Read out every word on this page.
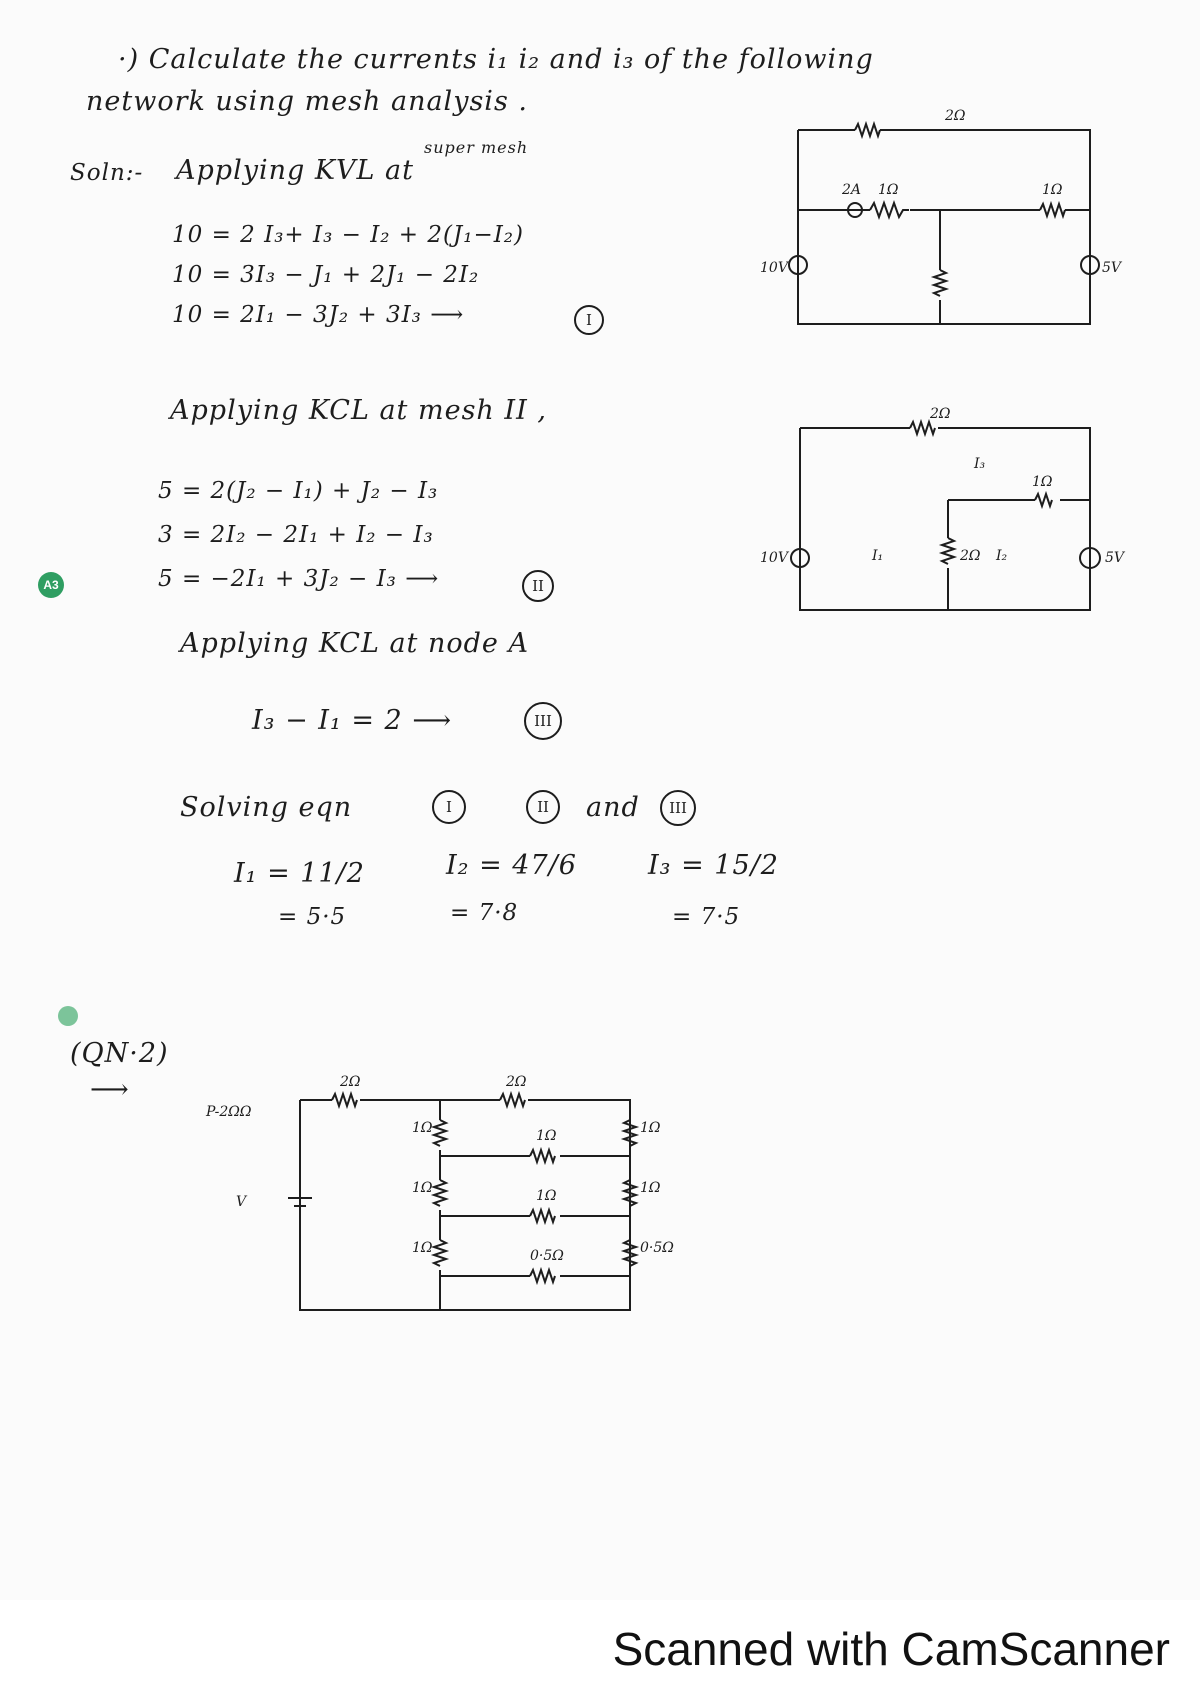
·) Calculate the currents i₁ i₂ and i₃ of the following
network using mesh analysis .
Soln:- Applying KVL at
super mesh
10 = 2 I₃+ I₃ − I₂ + 2(J₁−I₂)
10 = 3I₃ − J₁ + 2J₁ − 2I₂
10 = 2I₁ − 3J₂ + 3I₃ ⟶	I
Applying KCL at mesh II ,
5 = 2(J₂ − I₁) + J₂ − I₃
3 = 2I₂ − 2I₁ + I₂ − I₃
5 = −2I₁ + 3J₂ − I₃ ⟶	II
Applying KCL at node A
I₃ − I₁ = 2 ⟶	III
Solving eqn	I	II	and	III
I₁ = 11/2
= 5·5
I₂ = 47/6
= 7·8
I₃ = 15/2
= 7·5
2Ω
2A 1Ω	1Ω
10V	5V
2Ω
I₃
1Ω
I₁	2Ω I₂
10V	5V
(QN·2)
⟶
V
2Ω	2Ω
P-2ΩΩ
1Ω
1Ω
1Ω
1Ω
1Ω
0·5Ω
1Ω
1Ω
0·5Ω
A3
Scanned with CamScanner
